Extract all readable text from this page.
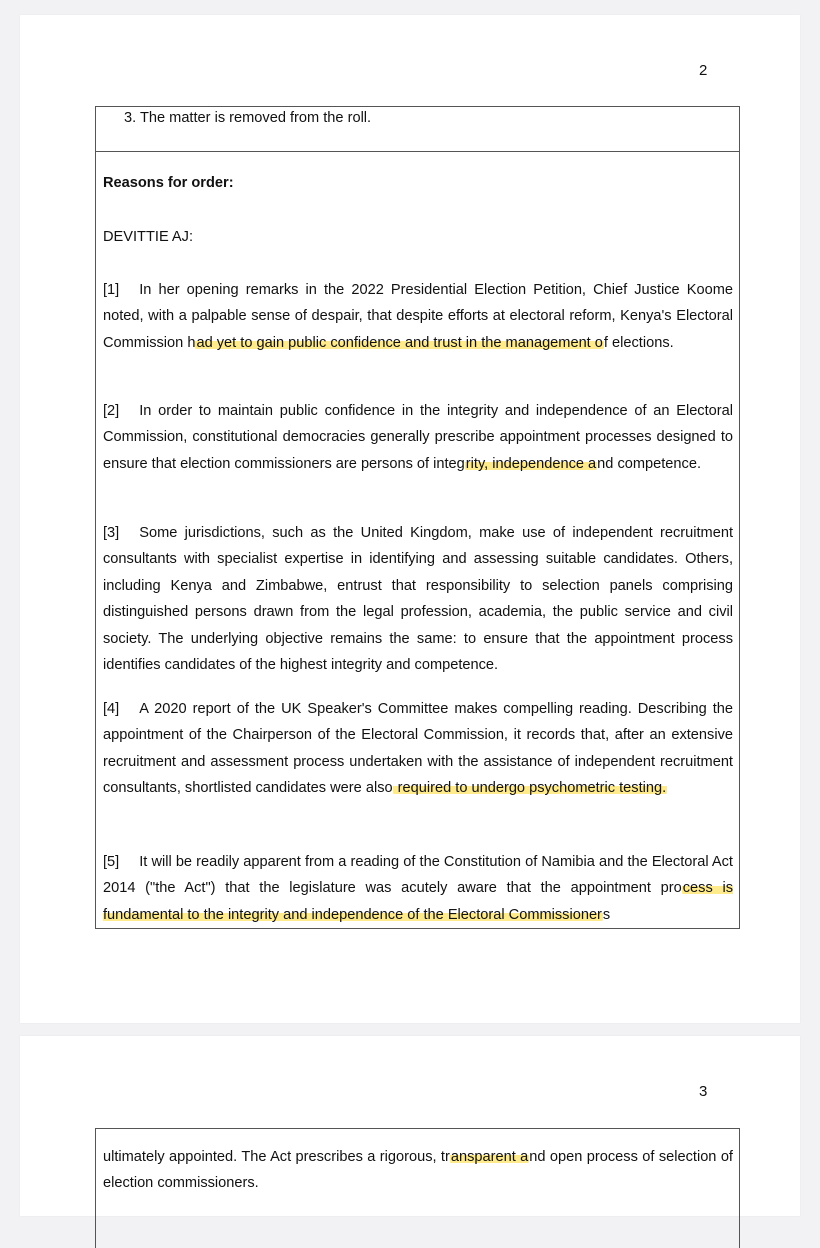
2
3. The matter is removed from the roll.
Reasons for order:
DEVITTIE AJ:
[1] In her opening remarks in the 2022 Presidential Election Petition, Chief Justice Koome noted, with a palpable sense of despair, that despite efforts at electoral reform, Kenya's Electoral Commission had yet to gain public confidence and trust in the management of elections.
[2] In order to maintain public confidence in the integrity and independence of an Electoral Commission, constitutional democracies generally prescribe appointment processes designed to ensure that election commissioners are persons of integrity, independence and competence.
[3] Some jurisdictions, such as the United Kingdom, make use of independent recruitment consultants with specialist expertise in identifying and assessing suitable candidates. Others, including Kenya and Zimbabwe, entrust that responsibility to selection panels comprising distinguished persons drawn from the legal profession, academia, the public service and civil society. The underlying objective remains the same: to ensure that the appointment process identifies candidates of the highest integrity and competence.
[4] A 2020 report of the UK Speaker's Committee makes compelling reading. Describing the appointment of the Chairperson of the Electoral Commission, it records that, after an extensive recruitment and assessment process undertaken with the assistance of independent recruitment consultants, shortlisted candidates were also required to undergo psychometric testing.
[5] It will be readily apparent from a reading of the Constitution of Namibia and the Electoral Act 2014 ("the Act") that the legislature was acutely aware that the appointment process is fundamental to the integrity and independence of the Electoral Commissioners
3
ultimately appointed. The Act prescribes a rigorous, transparent and open process of selection of election commissioners.
